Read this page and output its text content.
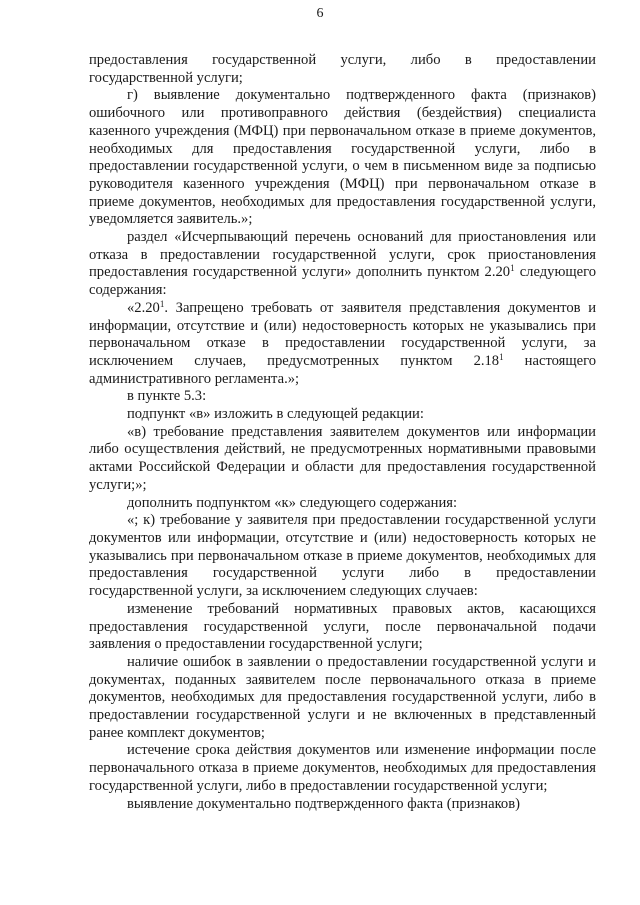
6

предоставления государственной услуги, либо в предоставлении государственной услуги;

г) выявление документально подтвержденного факта (признаков) ошибочного или противоправного действия (бездействия) специалиста казенного учреждения (МФЦ) при первоначальном отказе в приеме документов, необходимых для предоставления государственной услуги, либо в предоставлении государственной услуги, о чем в письменном виде за подписью руководителя казенного учреждения (МФЦ) при первоначальном отказе в приеме документов, необходимых для предоставления государственной услуги, уведомляется заявитель.»;

раздел «Исчерпывающий перечень оснований для приостановления или отказа в предоставлении государственной услуги, срок приостановления предоставления государственной услуги» дополнить пунктом 2.20$^1$ следующего содержания:

«2.20$^1$. Запрещено требовать от заявителя представления документов и информации, отсутствие и (или) недостоверность которых не указывались при первоначальном отказе в предоставлении государственной услуги, за исключением случаев, предусмотренных пунктом 2.18$^1$ настоящего административного регламента.»;

в пункте 5.3:

подпункт «в» изложить в следующей редакции:

«в) требование представления заявителем документов или информации либо осуществления действий, не предусмотренных нормативными правовыми актами Российской Федерации и области для предоставления государственной услуги;»;

дополнить подпунктом «к» следующего содержания:

«; к) требование у заявителя при предоставлении государственной услуги документов или информации, отсутствие и (или) недостоверность которых не указывались при первоначальном отказе в приеме документов, необходимых для предоставления государственной услуги либо в предоставлении государственной услуги, за исключением следующих случаев:

изменение требований нормативных правовых актов, касающихся предоставления государственной услуги, после первоначальной подачи заявления о предоставлении государственной услуги;

наличие ошибок в заявлении о предоставлении государственной услуги и документах, поданных заявителем после первоначального отказа в приеме документов, необходимых для предоставления государственной услуги, либо в предоставлении государственной услуги и не включенных в представленный ранее комплект документов;

истечение срока действия документов или изменение информации после первоначального отказа в приеме документов, необходимых для предоставления государственной услуги, либо в предоставлении государственной услуги;

выявление документально подтвержденного факта (признаков)
